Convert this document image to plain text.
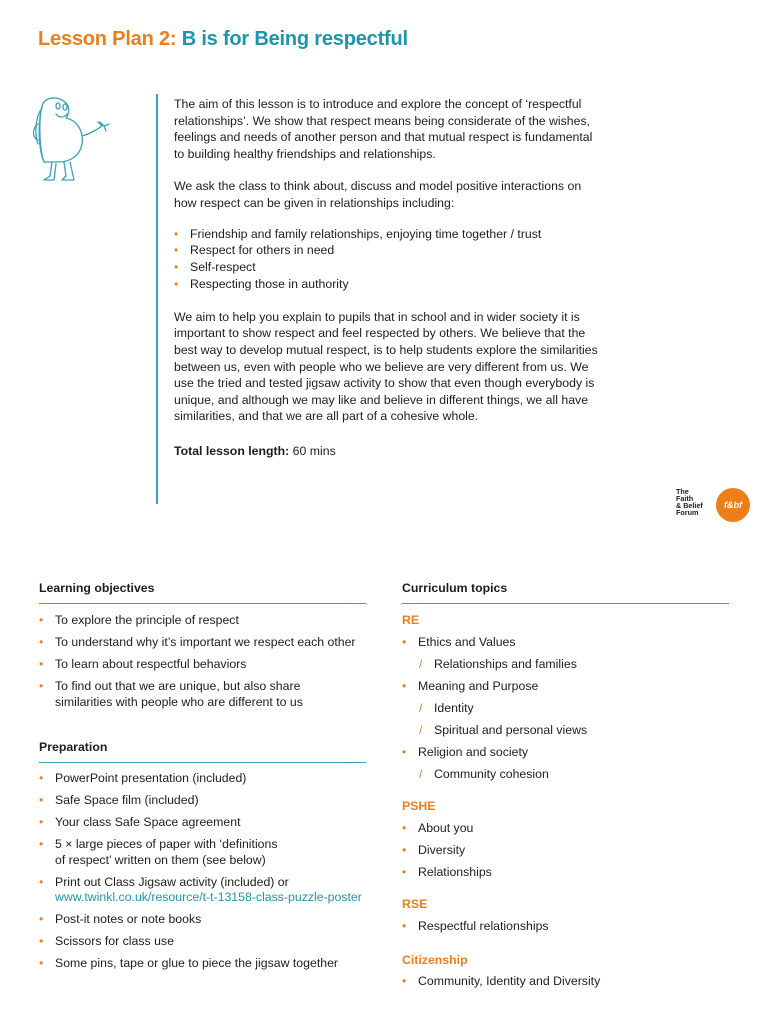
Lesson Plan 2: B is for Being respectful

The aim of this lesson is to introduce and explore the concept of ‘respectful relationships’. We show that respect means being considerate of the wishes, feelings and needs of another person and that mutual respect is fundamental to building healthy friendships and relationships.

We ask the class to think about, discuss and model positive interactions on how respect can be given in relationships including:

• Friendship and family relationships, enjoying time together / trust
• Respect for others in need
• Self-respect
• Respecting those in authority

We aim to help you explain to pupils that in school and in wider society it is important to show respect and feel respected by others. We believe that the best way to develop mutual respect, is to help students explore the similarities between us, even with people who we believe are very different from us. We use the tried and tested jigsaw activity to show that even though everybody is unique, and although we may like and believe in different things, we all have similarities, and that we are all part of a cohesive whole.

Total lesson length: 60 mins

The
Faith
& Belief
Forum
f&bf
Learning objectives
• To explore the principle of respect
• To understand why it’s important we respect each other
• To learn about respectful behaviors
• To find out that we are unique, but also share
similarities with people who are different to us
Preparation
• PowerPoint presentation (included)
• Safe Space film (included)
• Your class Safe Space agreement
• 5 × large pieces of paper with ‘definitions
of respect’ written on them (see below)
• Print out Class Jigsaw activity (included) or
www.twinkl.co.uk/resource/t-t-13158-class-puzzle-poster
• Post-it notes or note books
• Scissors for class use
• Some pins, tape or glue to piece the jigsaw together
Curriculum topics
RE
• Ethics and Values
/ Relationships and families
• Meaning and Purpose
/ Identity
/ Spiritual and personal views
• Religion and society
/ Community cohesion
PSHE
• About you
• Diversity
• Relationships
RSE
• Respectful relationships
Citizenship
• Community, Identity and Diversity
